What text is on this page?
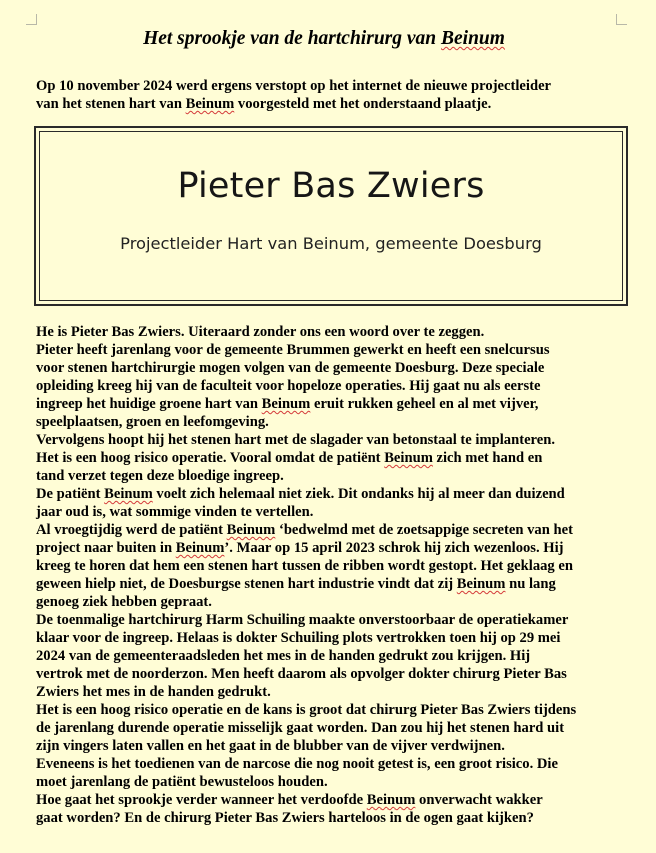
Het sprookje van de hartchirurg van Beinum

Op 10 november 2024 werd ergens verstopt op het internet de nieuwe projectleider

van het stenen hart van Beinum voorgesteld met het onderstaand plaatje.

Pieter Bas Zwiers
Projectleider Hart van Beinum, gemeente Doesburg

He is Pieter Bas Zwiers. Uiteraard zonder ons een woord over te zeggen.

Pieter heeft jarenlang voor de gemeente Brummen gewerkt en heeft een snelcursus

voor stenen hartchirurgie mogen volgen van de gemeente Doesburg. Deze speciale

opleiding kreeg hij van de faculteit voor hopeloze operaties. Hij gaat nu als eerste

ingreep het huidige groene hart van Beinum eruit rukken geheel en al met vijver,

speelplaatsen, groen en leefomgeving.

Vervolgens hoopt hij het stenen hart met de slagader van betonstaal te implanteren.

Het is een hoog risico operatie. Vooral omdat de patiënt Beinum zich met hand en

tand verzet tegen deze bloedige ingreep.

De patiënt Beinum voelt zich helemaal niet ziek. Dit ondanks hij al meer dan duizend

jaar oud is, wat sommige vinden te vertellen.

Al vroegtijdig werd de patiënt Beinum ‘bedwelmd met de zoetsappige secreten van het

project naar buiten in Beinum’. Maar op 15 april 2023 schrok hij zich wezenloos. Hij

kreeg te horen dat hem een stenen hart tussen de ribben wordt gestopt. Het geklaag en

geween hielp niet, de Doesburgse stenen hart industrie vindt dat zij Beinum nu lang

genoeg ziek hebben gepraat.

De toenmalige hartchirurg Harm Schuiling maakte onverstoorbaar de operatiekamer

klaar voor de ingreep. Helaas is dokter Schuiling plots vertrokken toen hij op 29 mei

2024 van de gemeenteraadsleden het mes in de handen gedrukt zou krijgen. Hij

vertrok met de noorderzon. Men heeft daarom als opvolger dokter chirurg Pieter Bas

Zwiers het mes in de handen gedrukt.

Het is een hoog risico operatie en de kans is groot dat chirurg Pieter Bas Zwiers tijdens

de jarenlang durende operatie misselijk gaat worden. Dan zou hij het stenen hard uit

zijn vingers laten vallen en het gaat in de blubber van de vijver verdwijnen.

Eveneens is het toedienen van de narcose die nog nooit getest is, een groot risico. Die

moet jarenlang de patiënt bewusteloos houden.

Hoe gaat het sprookje verder wanneer het verdoofde Beinum onverwacht wakker

gaat worden? En de chirurg Pieter Bas Zwiers harteloos in de ogen gaat kijken?
